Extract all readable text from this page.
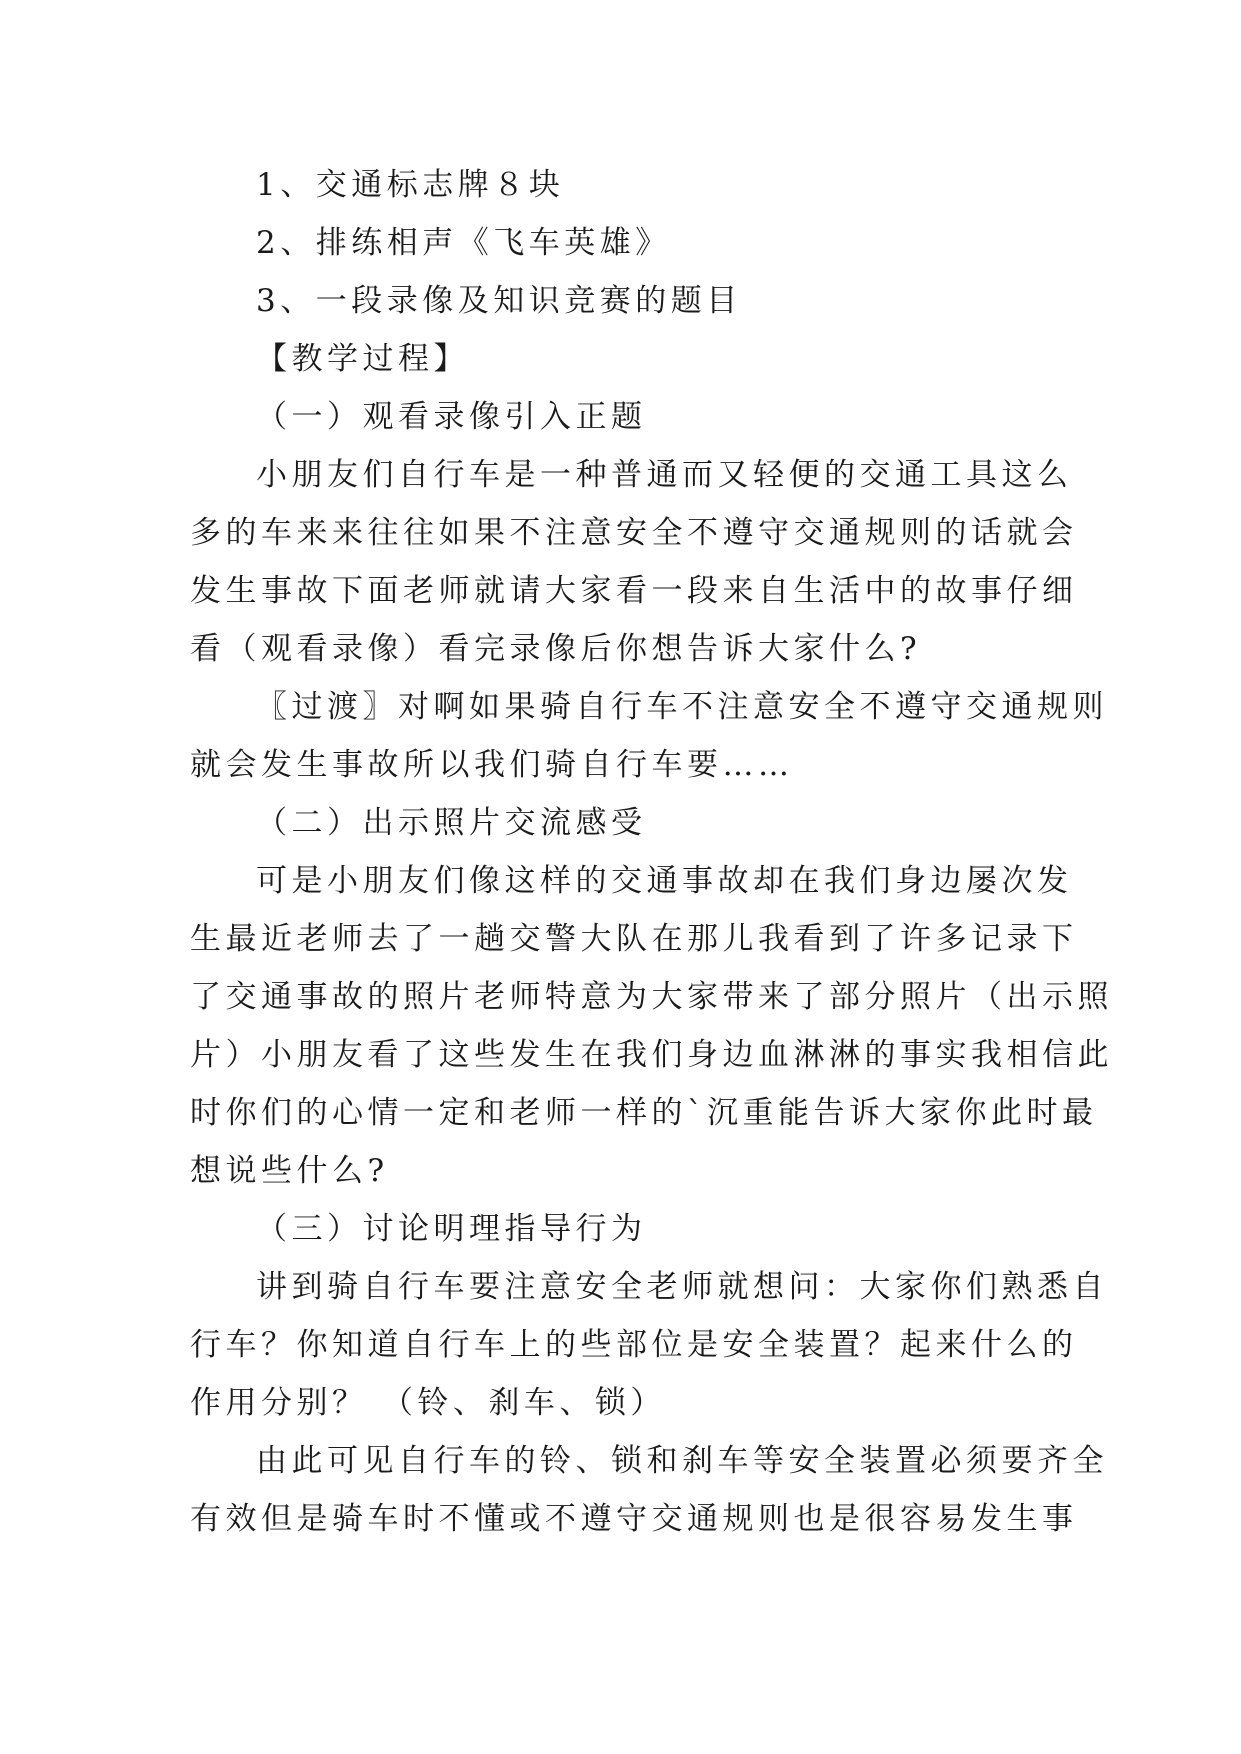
1、交通标志牌８块
2、排练相声《飞车英雄》
3、一段录像及知识竞赛的题目
【教学过程】
（一）观看录像引入正题
小朋友们自行车是一种普通而又轻便的交通工具这么
多的车来来往往如果不注意安全不遵守交通规则的话就会
发生事故下面老师就请大家看一段来自生活中的故事仔细
看（观看录像）看完录像后你想告诉大家什么?
〖过渡〗对啊如果骑自行车不注意安全不遵守交通规则
就会发生事故所以我们骑自行车要……
（二）出示照片交流感受
可是小朋友们像这样的交通事故却在我们身边屡次发
生最近老师去了一趟交警大队在那儿我看到了许多记录下
了交通事故的照片老师特意为大家带来了部分照片（出示照
片）小朋友看了这些发生在我们身边血淋淋的事实我相信此
时你们的心情一定和老师一样的`沉重能告诉大家你此时最
想说些什么?
（三）讨论明理指导行为
讲到骑自行车要注意安全老师就想问：大家你们熟悉自
行车？你知道自行车上的些部位是安全装置？起来什么的
作用分别？ （铃、刹车、锁）
由此可见自行车的铃、锁和刹车等安全装置必须要齐全
有效但是骑车时不懂或不遵守交通规则也是很容易发生事
